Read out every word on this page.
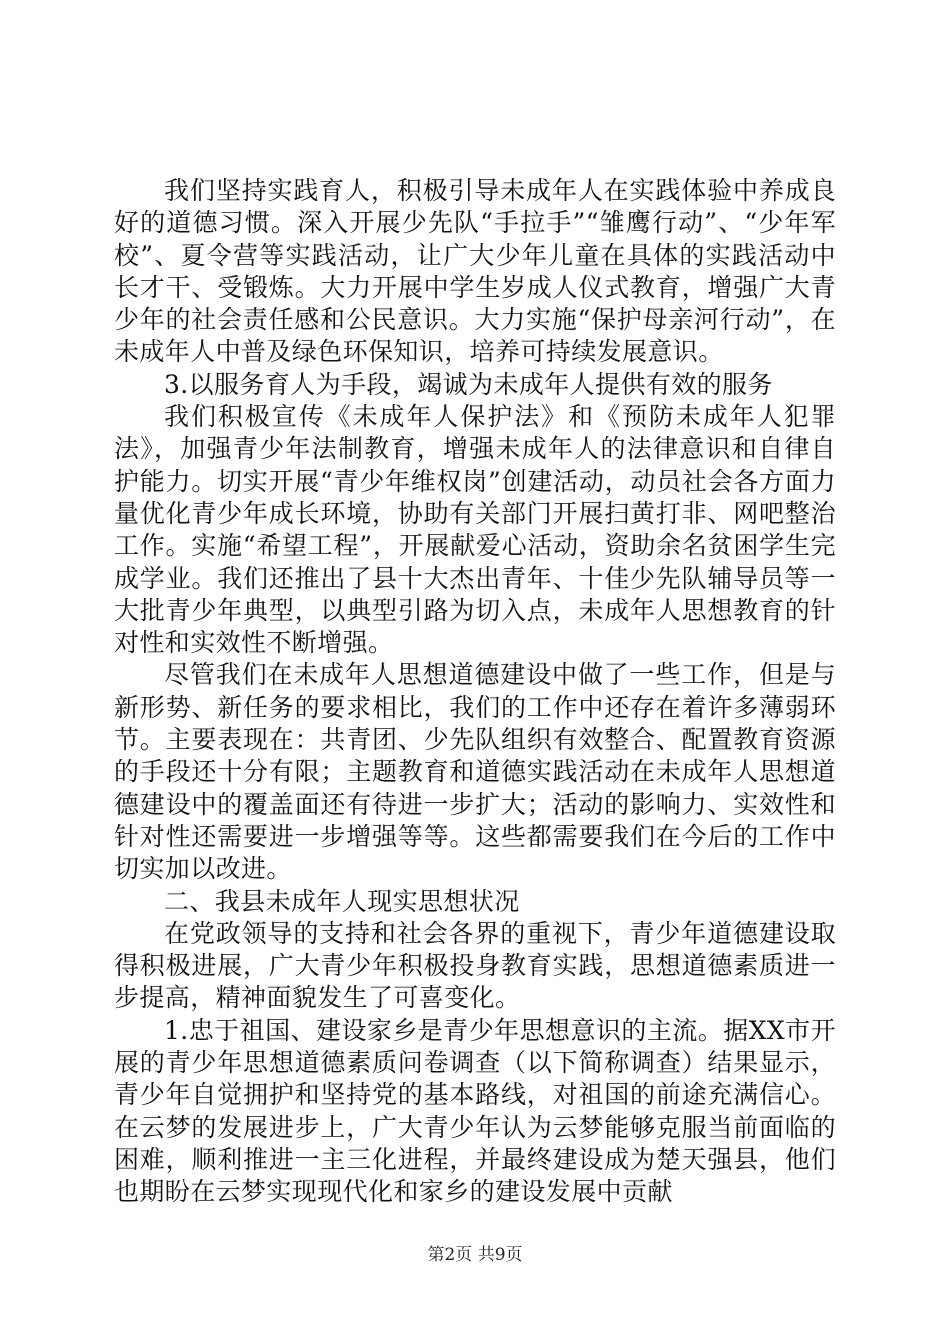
我们坚持实践育人，积极引导未成年人在实践体验中养成良好的道德习惯。深入开展少先队“手拉手”“雏鹰行动”、“少年军校”、夏令营等实践活动，让广大少年儿童在具体的实践活动中长才干、受锻炼。大力开展中学生岁成人仪式教育，增强广大青少年的社会责任感和公民意识。大力实施“保护母亲河行动”，在未成年人中普及绿色环保知识，培养可持续发展意识。

3.以服务育人为手段，竭诚为未成年人提供有效的服务

我们积极宣传《未成年人保护法》和《预防未成年人犯罪法》，加强青少年法制教育，增强未成年人的法律意识和自律自护能力。切实开展“青少年维权岗”创建活动，动员社会各方面力量优化青少年成长环境，协助有关部门开展扫黄打非、网吧整治工作。实施“希望工程”，开展献爱心活动，资助余名贫困学生完成学业。我们还推出了县十大杰出青年、十佳少先队辅导员等一大批青少年典型，以典型引路为切入点，未成年人思想教育的针对性和实效性不断增强。

尽管我们在未成年人思想道德建设中做了一些工作，但是与新形势、新任务的要求相比，我们的工作中还存在着许多薄弱环节。主要表现在：共青团、少先队组织有效整合、配置教育资源的手段还十分有限；主题教育和道德实践活动在未成年人思想道德建设中的覆盖面还有待进一步扩大；活动的影响力、实效性和针对性还需要进一步增强等等。这些都需要我们在今后的工作中切实加以改进。

二、我县未成年人现实思想状况

在党政领导的支持和社会各界的重视下，青少年道德建设取得积极进展，广大青少年积极投身教育实践，思想道德素质进一步提高，精神面貌发生了可喜变化。

1.忠于祖国、建设家乡是青少年思想意识的主流。据XX市开展的青少年思想道德素质问卷调查（以下简称调查）结果显示，青少年自觉拥护和坚持党的基本路线，对祖国的前途充满信心。在云梦的发展进步上，广大青少年认为云梦能够克服当前面临的困难，顺利推进一主三化进程，并最终建设成为楚天强县，他们也期盼在云梦实现现代化和家乡的建设发展中贡献

第2页 共9页
